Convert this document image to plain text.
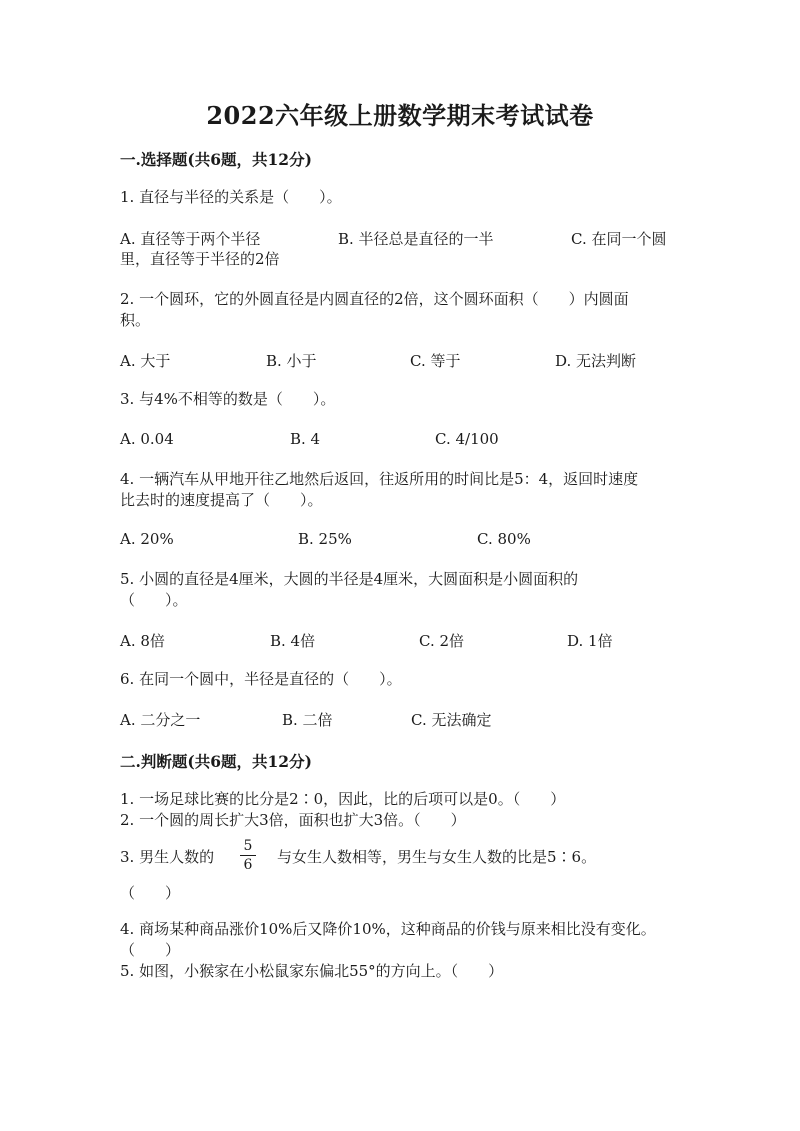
2022六年级上册数学期末考试试卷
一.选择题(共6题，共12分)
1. 直径与半径的关系是（　　）。
A. 直径等于两个半径	B. 半径总是直径的一半	C. 在同一个圆
里，直径等于半径的2倍
2. 一个圆环，它的外圆直径是内圆直径的2倍，这个圆环面积（　　）内圆面
积。
A. 大于	B. 小于	C. 等于	D. 无法判断
3. 与4%不相等的数是（　　）。
A. 0.04	B. 4	C. 4/100
4. 一辆汽车从甲地开往乙地然后返回，往返所用的时间比是5：4，返回时速度
比去时的速度提高了（　　）。
A. 20%	B. 25%	C. 80%
5. 小圆的直径是4厘米，大圆的半径是4厘米，大圆面积是小圆面积的
（　　）。
A. 8倍	B. 4倍	C. 2倍	D. 1倍
6. 在同一个圆中，半径是直径的（　　）。
A. 二分之一	B. 二倍	C. 无法确定
二.判断题(共6题，共12分)
1. 一场足球比赛的比分是2∶0，因此，比的后项可以是0。（　　）
2. 一个圆的周长扩大3倍，面积也扩大3倍。（　　）
3. 男生人数的
5
6 与女生人数相等，男生与女生人数的比是5∶6。
（　　）
4. 商场某种商品涨价10%后又降价10%，这种商品的价钱与原来相比没有变化。
（　　）
5. 如图，小猴家在小松鼠家东偏北55°的方向上。（　　）
